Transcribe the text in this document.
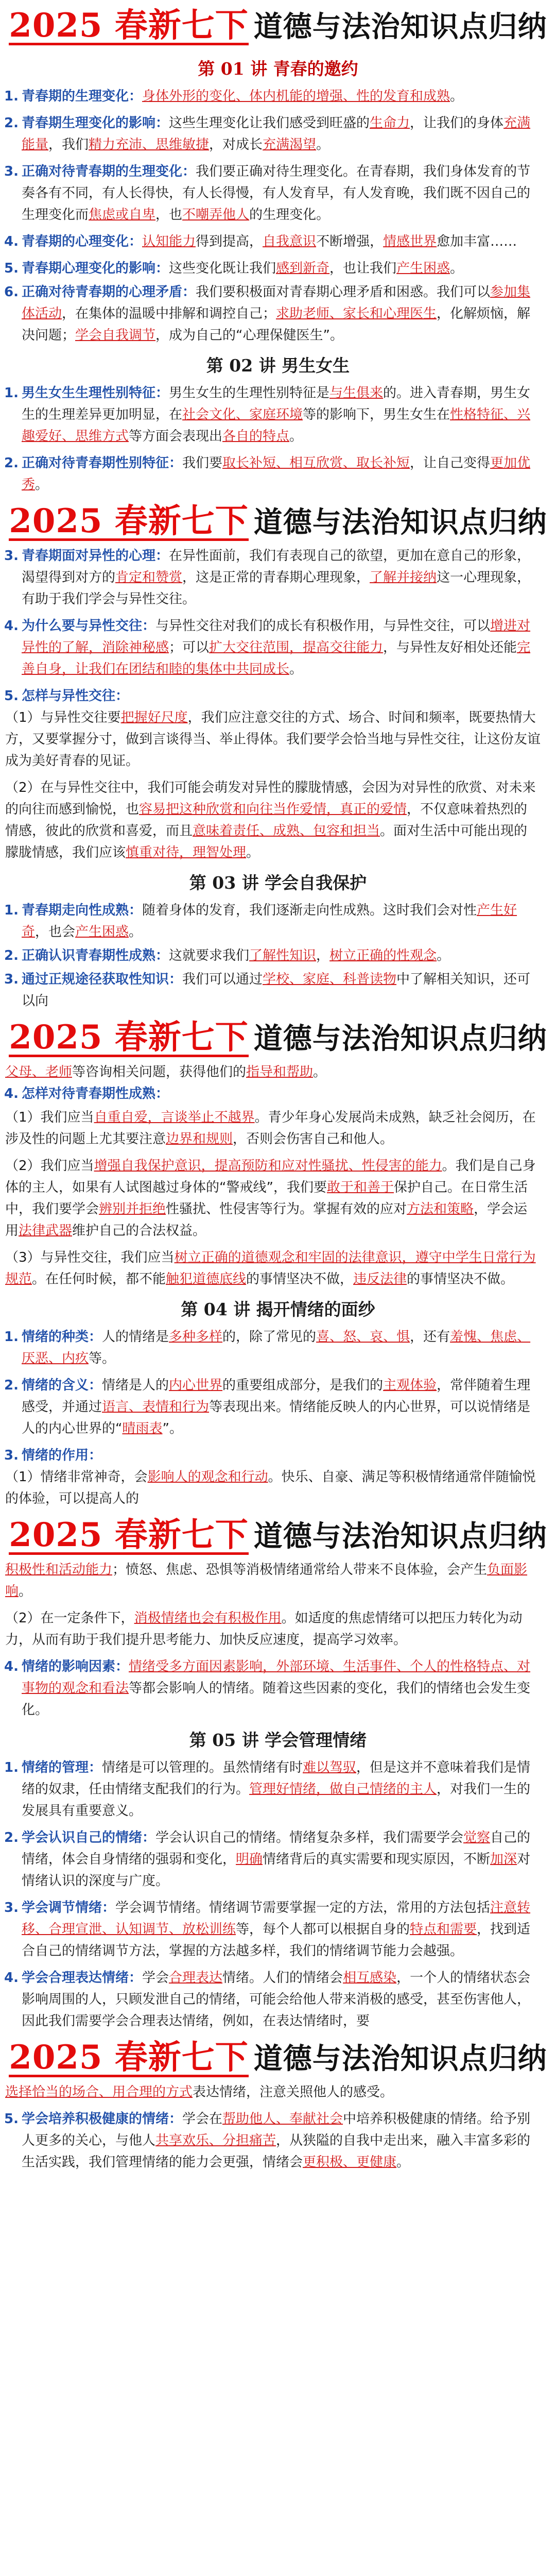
2025 春新七下 道德与法治知识点归纳
第 01 讲 青春的邀约
1. 青春期的生理变化：身体外形的变化、体内机能的增强、性的发育和成熟。
2. 青春期生理变化的影响：这些生理变化让我们感受到旺盛的生命力，让我们的身体充满能量，我们精力充沛、思维敏捷，对成长充满渴望。
3. 正确对待青春期的生理变化：我们要正确对待生理变化。在青春期，我们身体发育的节奏各有不同，有人长得快，有人长得慢，有人发育早，有人发育晚，我们既不因自己的生理变化而焦虑或自卑，也不嘲弄他人的生理变化。
4. 青春期的心理变化：认知能力得到提高，自我意识不断增强，情感世界愈加丰富……
5. 青春期心理变化的影响：这些变化既让我们感到新奇，也让我们产生困惑。
6. 正确对待青春期的心理矛盾：我们要积极面对青春期心理矛盾和困惑。我们可以参加集体活动，在集体的温暖中排解和调控自己；求助老师、家长和心理医生，化解烦恼，解决问题；学会自我调节，成为自己的“心理保健医生”。
第 02 讲 男生女生
1. 男生女生生理性别特征：男生女生的生理性别特征是与生俱来的。进入青春期，男生女生的生理差异更加明显，在社会文化、家庭环境等的影响下，男生女生在性格特征、兴趣爱好、思维方式等方面会表现出各自的特点。
2. 正确对待青春期性别特征：我们要取长补短、相互欣赏、取长补短，让自己变得更加优秀。
2025 春新七下 道德与法治知识点归纳
3. 青春期面对异性的心理：在异性面前，我们有表现自己的欲望，更加在意自己的形象，渴望得到对方的肯定和赞赏，这是正常的青春期心理现象，了解并接纳这一心理现象，有助于我们学会与异性交往。
4. 为什么要与异性交往：与异性交往对我们的成长有积极作用，与异性交往，可以增进对异性的了解，消除神秘感；可以扩大交往范围，提高交往能力，与异性友好相处还能完善自身，让我们在团结和睦的集体中共同成长。
5. 怎样与异性交往：
（1）与异性交往要把握好尺度，我们应注意交往的方式、场合、时间和频率，既要热情大方，又要掌握分寸，做到言谈得当、举止得体。我们要学会恰当地与异性交往，让这份友谊成为美好青春的见证。
（2）在与异性交往中，我们可能会萌发对异性的朦胧情感，会因为对异性的欣赏、对未来的向往而感到愉悦，也容易把这种欣赏和向往当作爱情，真正的爱情，不仅意味着热烈的情感，彼此的欣赏和喜爱，而且意味着责任、成熟、包容和担当。面对生活中可能出现的朦胧情感，我们应该慎重对待，理智处理。
第 03 讲 学会自我保护
1. 青春期走向性成熟：随着身体的发育，我们逐渐走向性成熟。这时我们会对性产生好奇，也会产生困惑。
2. 正确认识青春期性成熟：这就要求我们了解性知识，树立正确的性观念。
3. 通过正规途径获取性知识：我们可以通过学校、家庭、科普读物中了解相关知识，还可以向
2025 春新七下 道德与法治知识点归纳
父母、老师等咨询相关问题，获得他们的指导和帮助。
4. 怎样对待青春期性成熟：
（1）我们应当自重自爱，言谈举止不越界。青少年身心发展尚未成熟，缺乏社会阅历，在涉及性的问题上尤其要注意边界和规则，否则会伤害自己和他人。
（2）我们应当增强自我保护意识，提高预防和应对性骚扰、性侵害的能力。我们是自己身体的主人，如果有人试图越过身体的“警戒线”，我们要敢于和善于保护自己。在日常生活中，我们要学会辨别并拒绝性骚扰、性侵害等行为。掌握有效的应对方法和策略，学会运用法律武器维护自己的合法权益。
（3）与异性交往，我们应当树立正确的道德观念和牢固的法律意识，遵守中学生日常行为规范。在任何时候，都不能触犯道德底线的事情坚决不做，违反法律的事情坚决不做。
第 04 讲 揭开情绪的面纱
1. 情绪的种类：人的情绪是多种多样的，除了常见的喜、怒、哀、惧，还有羞愧、焦虑、厌恶、内疚等。
2. 情绪的含义：情绪是人的内心世界的重要组成部分，是我们的主观体验，常伴随着生理感受，并通过语言、表情和行为等表现出来。情绪能反映人的内心世界，可以说情绪是人的内心世界的“晴雨表”。
3. 情绪的作用：
（1）情绪非常神奇，会影响人的观念和行动。快乐、自豪、满足等积极情绪通常伴随愉悦的体验，可以提高人的
2025 春新七下 道德与法治知识点归纳
积极性和活动能力；愤怒、焦虑、恐惧等消极情绪通常给人带来不良体验，会产生负面影响。
（2）在一定条件下，消极情绪也会有积极作用。如适度的焦虑情绪可以把压力转化为动力，从而有助于我们提升思考能力、加快反应速度，提高学习效率。
4. 情绪的影响因素：情绪受多方面因素影响，外部环境、生活事件、个人的性格特点、对事物的观念和看法等都会影响人的情绪。随着这些因素的变化，我们的情绪也会发生变化。
第 05 讲 学会管理情绪
1. 情绪的管理：情绪是可以管理的。虽然情绪有时难以驾驭，但是这并不意味着我们是情绪的奴隶，任由情绪支配我们的行为。管理好情绪，做自己情绪的主人，对我们一生的发展具有重要意义。
2. 学会认识自己的情绪：学会认识自己的情绪。情绪复杂多样，我们需要学会觉察自己的情绪，体会自身情绪的强弱和变化，明确情绪背后的真实需要和现实原因，不断加深对情绪认识的深度与广度。
3. 学会调节情绪：学会调节情绪。情绪调节需要掌握一定的方法，常用的方法包括注意转移、合理宣泄、认知调节、放松训练等，每个人都可以根据自身的特点和需要，找到适合自己的情绪调节方法，掌握的方法越多样，我们的情绪调节能力会越强。
4. 学会合理表达情绪：学会合理表达情绪。人们的情绪会相互感染，一个人的情绪状态会影响周围的人，只顾发泄自己的情绪，可能会给他人带来消极的感受，甚至伤害他人，因此我们需要学会合理表达情绪，例如，在表达情绪时，要
2025 春新七下 道德与法治知识点归纳
选择恰当的场合、用合理的方式表达情绪，注意关照他人的感受。
5. 学会培养积极健康的情绪：学会在帮助他人、奉献社会中培养积极健康的情绪。给予别人更多的关心，与他人共享欢乐、分担痛苦，从狭隘的自我中走出来，融入丰富多彩的生活实践，我们管理情绪的能力会更强，情绪会更积极、更健康。
